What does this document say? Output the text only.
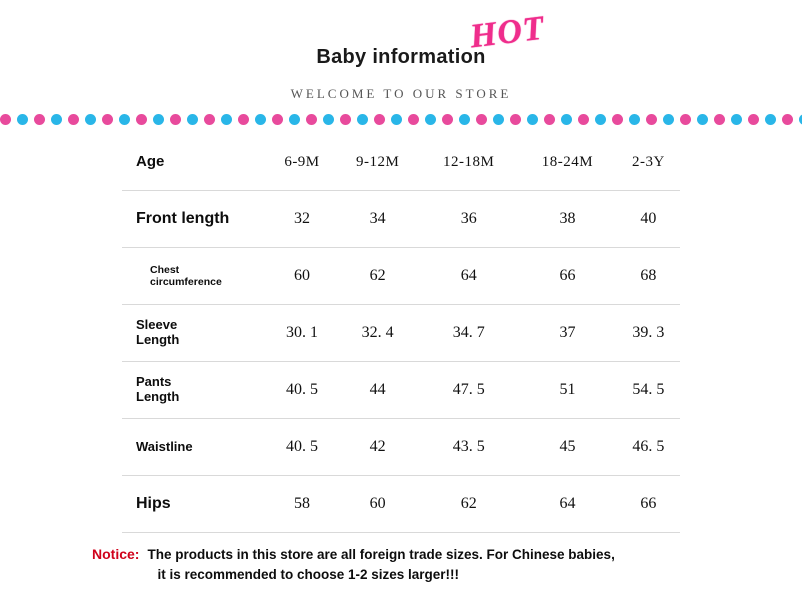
HOT
Baby information
WELCOME TO OUR STORE
Age	6-9M	9-12M	12-18M	18-24M	2-3Y
Front length	32	34	36	38	40
Chest
circumference	60	62	64	66	68
Sleeve
Length	30. 1	32. 4	34. 7	37	39. 3
Pants
Length	40. 5	44	47. 5	51	54. 5
Waistline	40. 5	42	43. 5	45	46. 5
Hips	58	60	62	64	66
Notice: The products in this store are all foreign trade sizes. For Chinese babies,
it is recommended to choose 1-2 sizes larger!!!
